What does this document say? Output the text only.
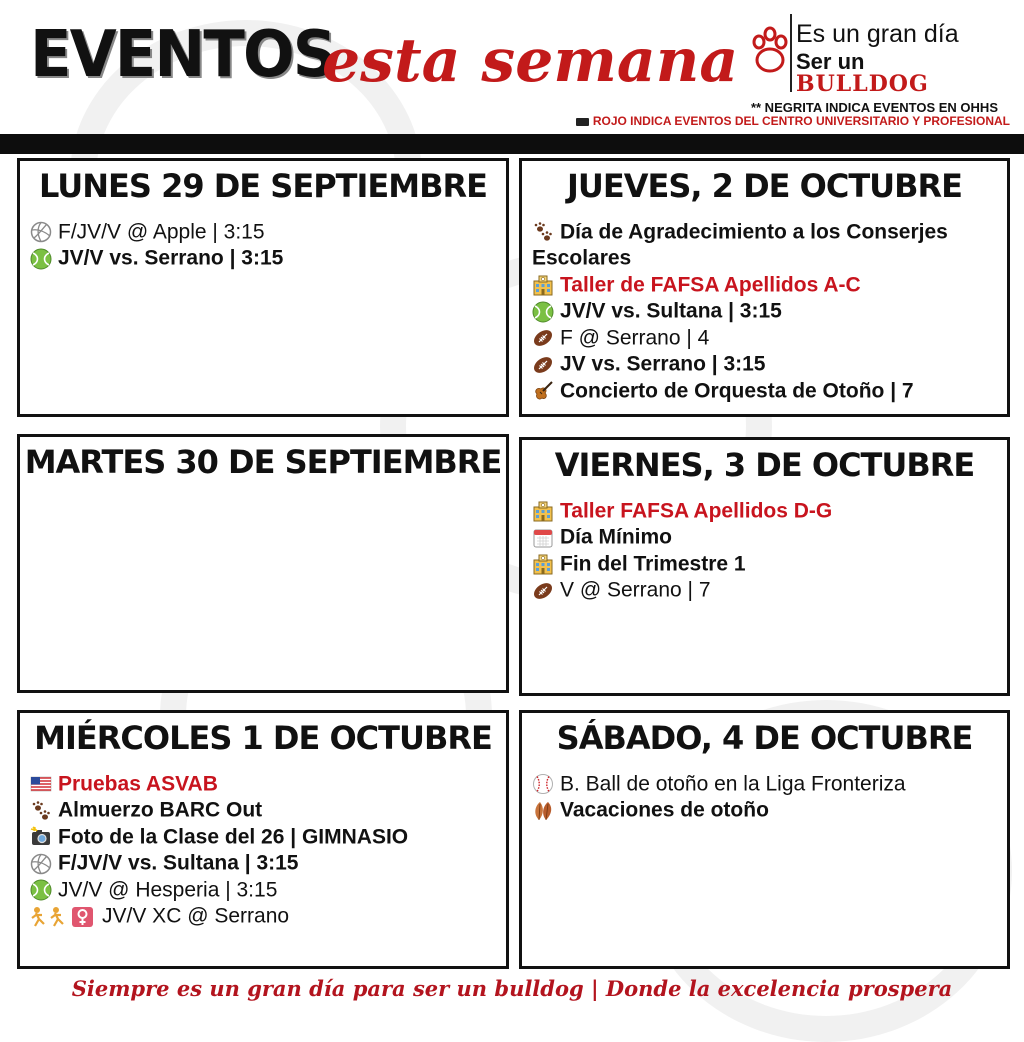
EVENTOS
esta semana Es un gran día
Ser un
BULLDOG
** NEGRITA INDICA EVENTOS EN OHHS
ROJO INDICA EVENTOS DEL CENTRO UNIVERSITARIO Y PROFESIONAL
LUNES 29 DE SEPTIEMBRE
F/JV/V @ Apple | 3:15
JV/V vs. Serrano | 3:15
JUEVES, 2 DE OCTUBRE
Día de Agradecimiento a los Conserjes Escolares
Taller de FAFSA Apellidos A-C
JV/V vs. Sultana | 3:15
F @ Serrano | 4
JV vs. Serrano | 3:15
Concierto de Orquesta de Otoño | 7
MARTES 30 DE SEPTIEMBRE	VIERNES, 3 DE OCTUBRE
Taller FAFSA Apellidos D-G
Día Mínimo
Fin del Trimestre 1
V @ Serrano | 7
MIÉRCOLES 1 DE OCTUBRE
Pruebas ASVAB
Almuerzo BARC Out
Foto de la Clase del 26 | GIMNASIO
F/JV/V vs. Sultana | 3:15
JV/V @ Hesperia | 3:15
JV/V XC @ Serrano
SÁBADO, 4 DE OCTUBRE
B. Ball de otoño en la Liga Fronteriza
Vacaciones de otoño
Siempre es un gran día para ser un bulldog | Donde la excelencia prospera
